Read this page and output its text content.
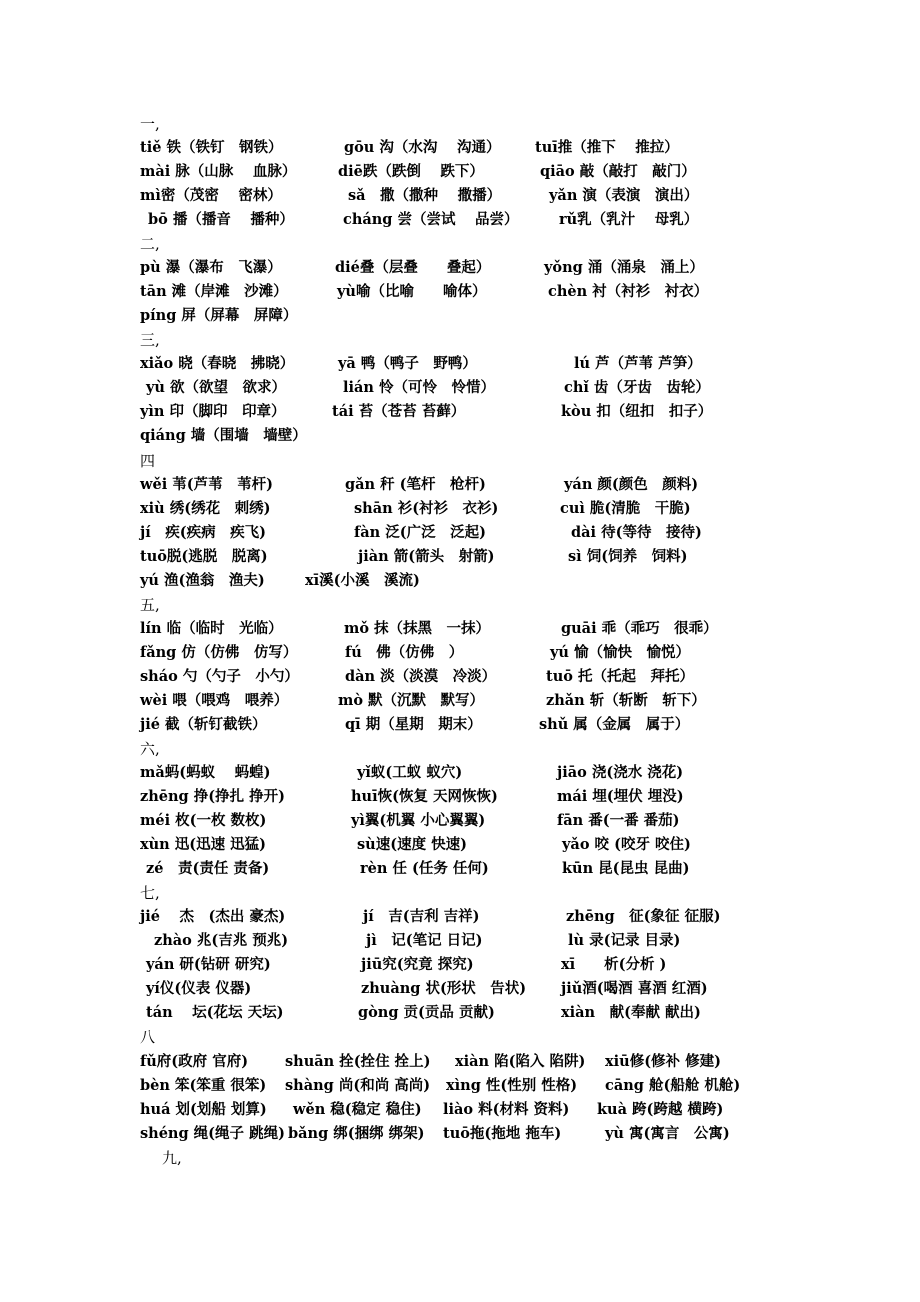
一,
tiě 铁（铁钉　钢铁）	gōu 沟（水沟　 沟通） tuī推（推下　 推拉）
mài 脉（山脉　 血脉）	diē跌（跌倒　 跌下）	qiāo 敲（敲打　敲门）
mì密（茂密　 密林）	sǎ　撒（撒种　 撒播）	yǎn 演（表演　演出）
bō 播（播音　 播种）	cháng 尝（尝试　 品尝）	rǔ乳（乳汁　 母乳）
二,
pù 瀑（瀑布　飞瀑）	dié叠（层叠　　叠起）	yǒng 涌（涌泉　涌上）
tān 滩（岸滩　沙滩）	yù喻（比喻　　喻体）	chèn 衬（衬衫　衬衣）
píng 屏（屏幕　屏障）
三,
xiǎo 晓（春晓　拂晓）	yā 鸭（鸭子　野鸭）	lú 芦（芦苇 芦笋）
yù 欲（欲望　欲求）	lián 怜（可怜　怜惜）	chǐ 齿（牙齿　齿轮）
yìn 印（脚印　印章）	tái 苔（苍苔 苔藓）	kòu 扣（纽扣　扣子）
qiáng 墙（围墙　墙壁）
四
wěi 苇(芦苇　苇杆)	gǎn 秆 (笔杆　枪杆)	yán 颜(颜色　颜料)
xiù 绣(绣花　刺绣)	shān 衫(衬衫　衣衫)	cuì 脆(清脆　干脆)
jí　疾(疾病　疾飞)	fàn 泛(广泛　泛起)	dài 待(等待　接待)
tuō脱(逃脱　脱离)	jiàn 箭(箭头　射箭)	sì 饲(饲养　饲料)
yú 渔(渔翁　渔夫)	xī溪(小溪　溪流)
五,
lín 临（临时　光临）	mǒ 抹（抹黑　一抹）	guāi 乖（乖巧　很乖）
fǎng 仿（仿佛　仿写）	fú　佛（仿佛　）	yú 愉（愉快　愉悦）
sháo 勺（勺子　小勺）	dàn 淡（淡漠　冷淡）	tuō 托（托起　拜托）
wèi 喂（喂鸡　喂养）	mò 默（沉默　默写）	zhǎn 斩（斩断　斩下）
jié 截（斩钉截铁）	qī 期（星期　期末）	shǔ 属（金属　属于）
六,
mǎ蚂(蚂蚁　 蚂蝗)	yǐ蚁(工蚁 蚁穴)	jiāo 浇(浇水 浇花)
zhēng 挣(挣扎 挣开)	huī恢(恢复 天网恢恢)	mái 埋(埋伏 埋没)
méi 枚(一枚 数枚)	yì翼(机翼 小心翼翼)	fān 番(一番 番茄)
xùn 迅(迅速 迅猛)	sù速(速度 快速)	yǎo 咬 (咬牙 咬住)
zé　责(责任 责备)	rèn 任 (任务 任何)	kūn 昆(昆虫 昆曲)
七,
jié　 杰　(杰出 豪杰)	jí　吉(吉利 吉祥)	zhēng　征(象征 征服)
zhào 兆(吉兆 预兆)	jì　记(笔记 日记)	lù 录(记录 目录)
yán 研(钻研 研究)	jiū究(究竟 探究)	xī　　析(分析 )
yí仪(仪表 仪器)	zhuàng 状(形状　告状) jiǔ酒(喝酒 喜酒 红酒)
tán　 坛(花坛 天坛)	gòng 贡(贡品 贡献)	xiàn　献(奉献 献出)
八
fǔ府(政府 官府)	shuān 拴(拴住 拴上) xiàn 陷(陷入 陷阱) xiū修(修补 修建)
bèn 笨(笨重 很笨) shàng 尚(和尚 高尚) xìng 性(性别 性格) cāng 舱(船舱 机舱)
huá 划(划船 划算) wěn 稳(稳定 稳住) liào 料(材料 资料) kuà 跨(跨越 横跨)
shéng 绳(绳子 跳绳) bǎng 绑(捆绑 绑架) tuō拖(拖地 拖车)	yù 寓(寓言　公寓)
九,
